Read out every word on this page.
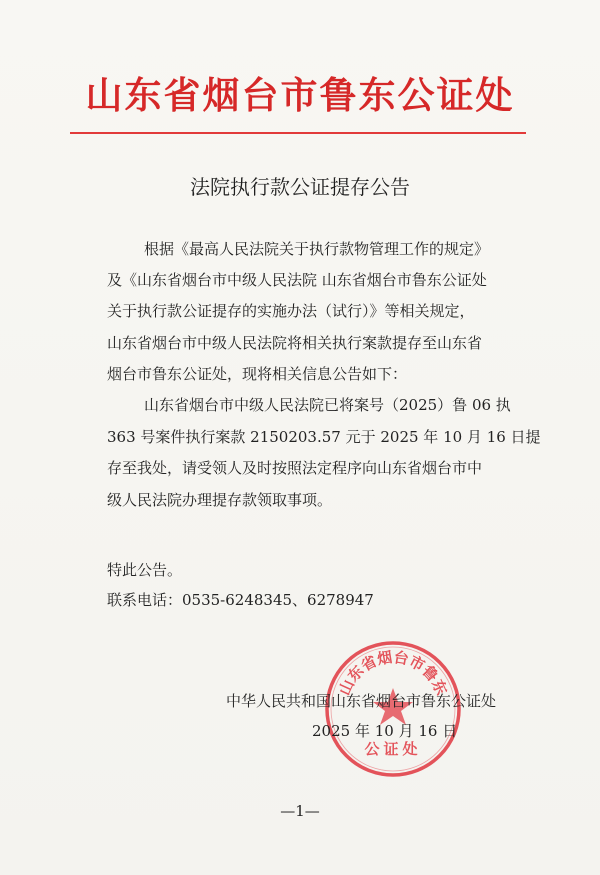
山东省烟台市鲁东公证处
法院执行款公证提存公告
根据《最高人民法院关于执行款物管理工作的规定》
及《山东省烟台市中级人民法院 山东省烟台市鲁东公证处
关于执行款公证提存的实施办法（试行）》等相关规定，
山东省烟台市中级人民法院将相关执行案款提存至山东省
烟台市鲁东公证处，现将相关信息公告如下：
山东省烟台市中级人民法院已将案号（2025）鲁 06 执
363 号案件执行案款 2150203.57 元于 2025 年 10 月 16 日提
存至我处，请受领人及时按照法定程序向山东省烟台市中
级人民法院办理提存款领取事项。
特此公告。
联系电话：0535-6248345、6278947
山东省烟台市鲁东
公证处
中华人民共和国山东省烟台市鲁东公证处
2025 年 10 月 16 日
—1—
